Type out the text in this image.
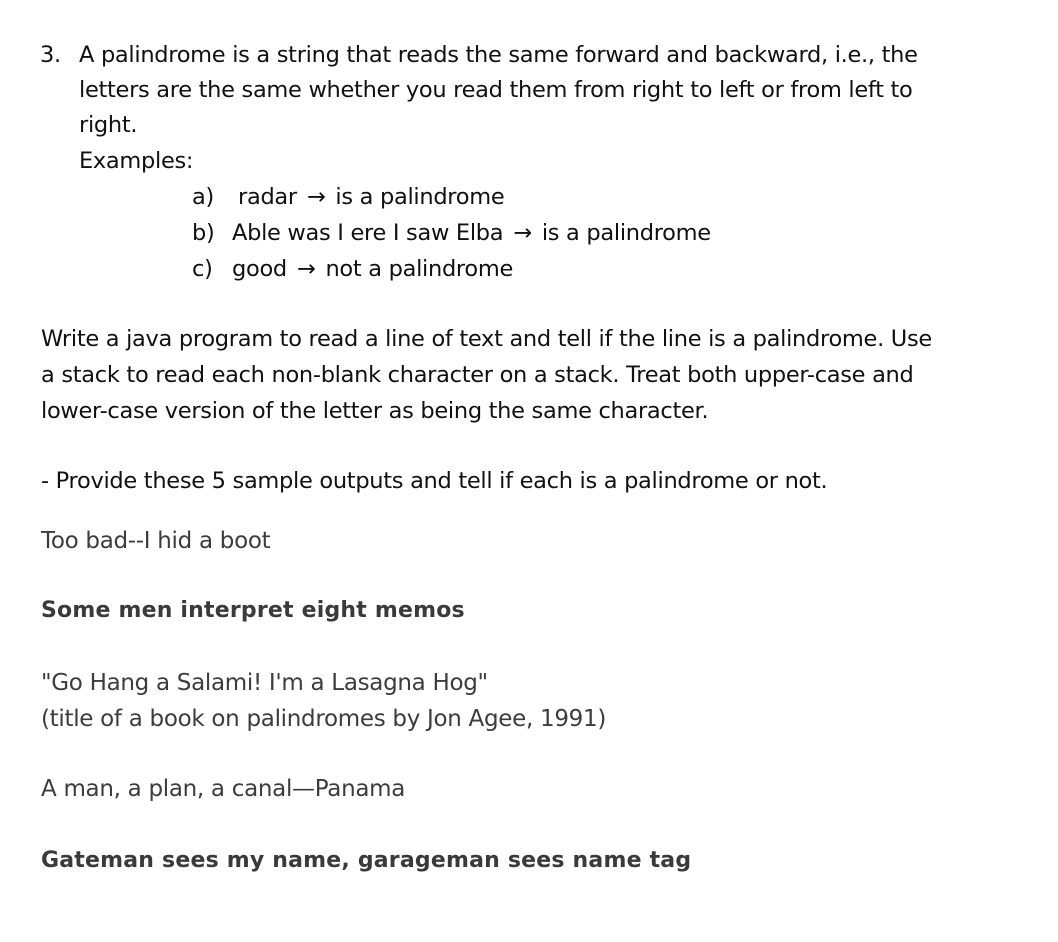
3. A palindrome is a string that reads the same forward and backward, i.e., the
letters are the same whether you read them from right to left or from left to
right.
Examples:
a) radar → is a palindrome
b) Able was I ere I saw Elba → is a palindrome
c) good → not a palindrome
Write a java program to read a line of text and tell if the line is a palindrome. Use
a stack to read each non-blank character on a stack. Treat both upper-case and
lower-case version of the letter as being the same character.
- Provide these 5 sample outputs and tell if each is a palindrome or not.
Too bad--I hid a boot
Some men interpret eight memos
"Go Hang a Salami! I'm a Lasagna Hog"
(title of a book on palindromes by Jon Agee, 1991)
A man, a plan, a canal—Panama
Gateman sees my name, garageman sees name tag
